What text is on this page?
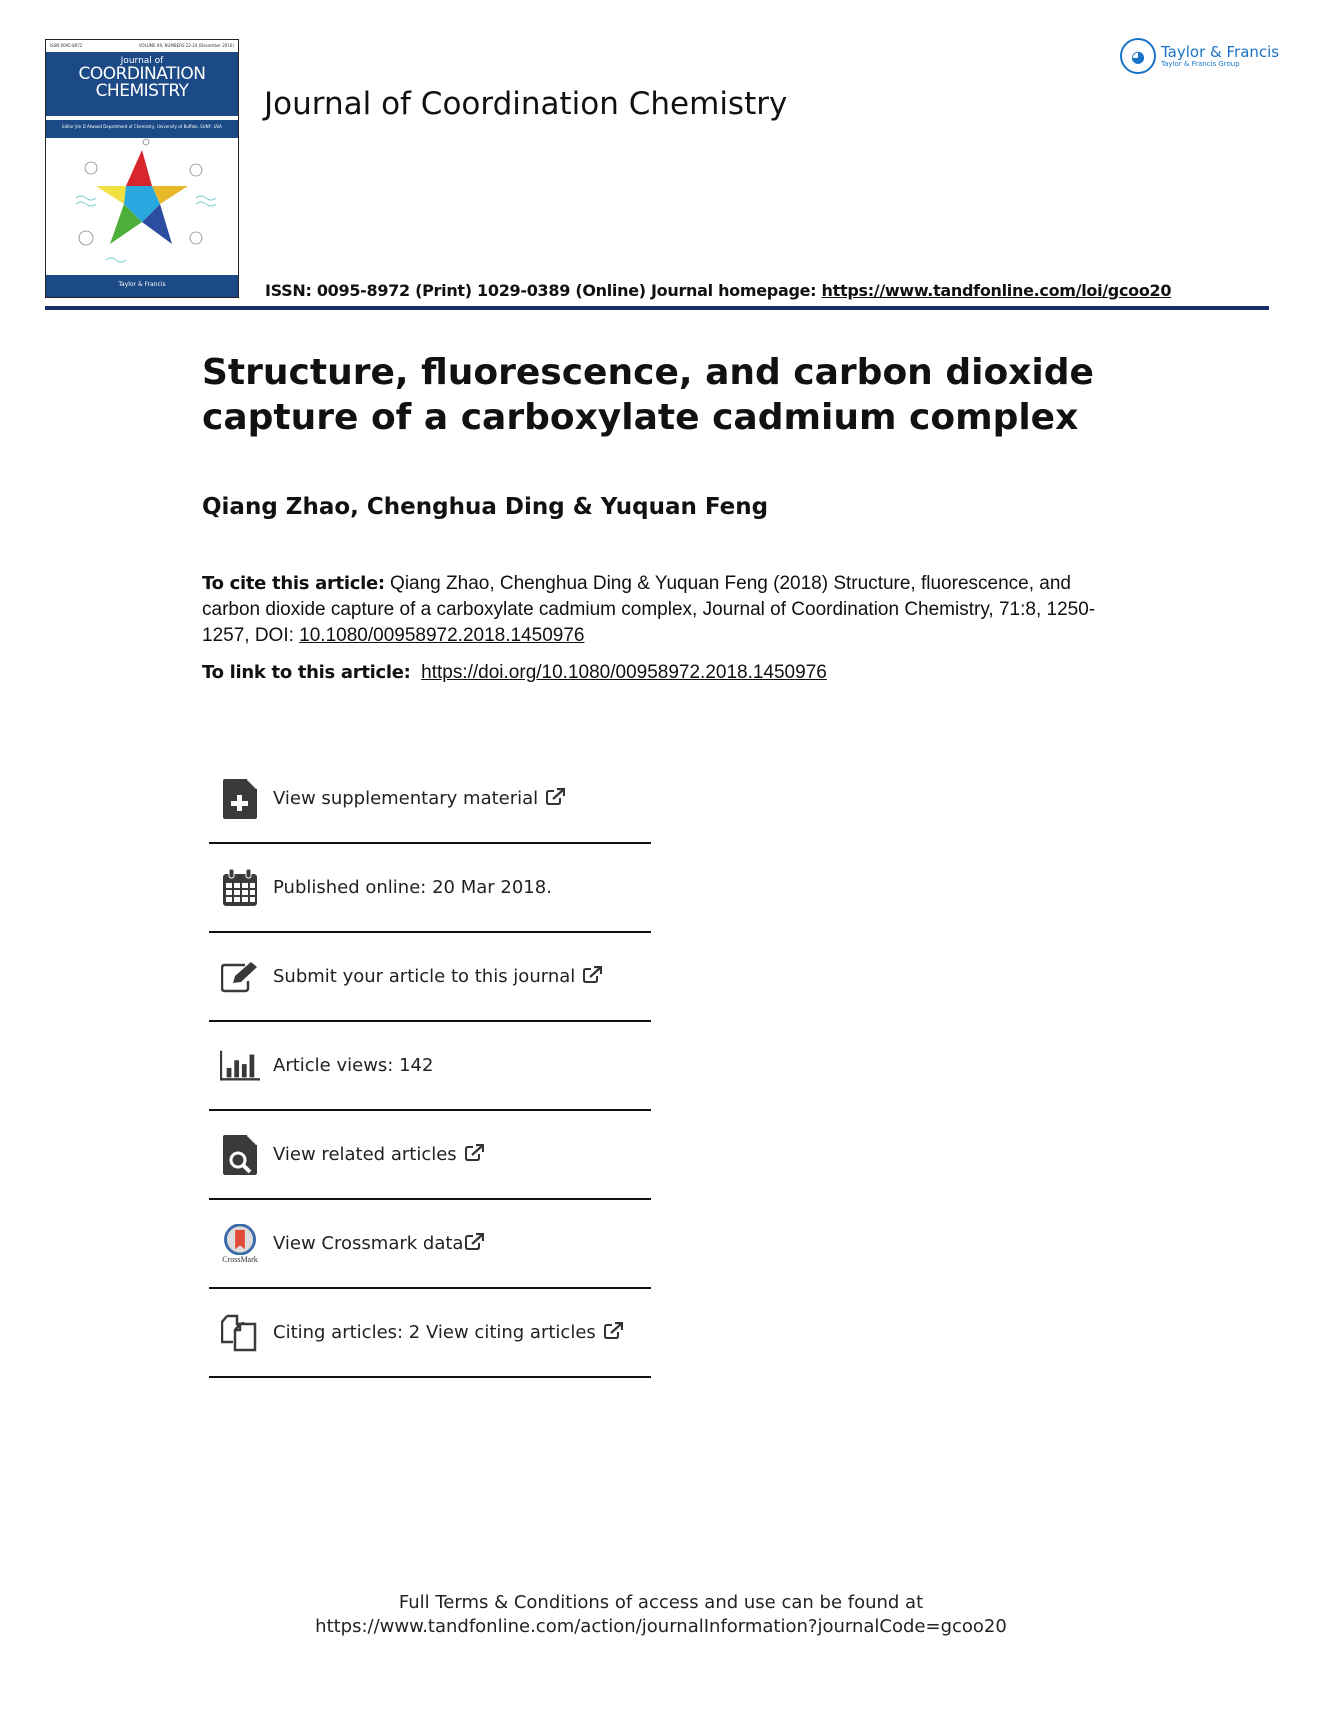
ISSN 0095-8972	VOLUME 69, NUMBERS 22-24 (December 2016)
Journal of
COORDINATION
CHEMISTRY
Editor Jim D Atwood Department of Chemistry, University at Buffalo, SUNY, USA
Taylor & Francis
Journal of Coordination Chemistry
◕	Taylor & Francis
Taylor & Francis Group
ISSN: 0095-8972 (Print) 1029-0389 (Online) Journal homepage: https://www.tandfonline.com/loi/gcoo20
Structure, fluorescence, and carbon dioxide capture of a carboxylate cadmium complex
Qiang Zhao, Chenghua Ding & Yuquan Feng
To cite this article: Qiang Zhao, Chenghua Ding & Yuquan Feng (2018) Structure, fluorescence, and carbon dioxide capture of a carboxylate cadmium complex, Journal of Coordination Chemistry, 71:8, 1250-1257, DOI: 10.1080/00958972.2018.1450976
To link to this article: https://doi.org/10.1080/00958972.2018.1450976
View supplementary material
Published online: 20 Mar 2018.
Submit your article to this journal
Article views: 142
View related articles
CrossMark
View Crossmark data
Citing articles: 2 View citing articles
Full Terms & Conditions of access and use can be found at
https://www.tandfonline.com/action/journalInformation?journalCode=gcoo20
